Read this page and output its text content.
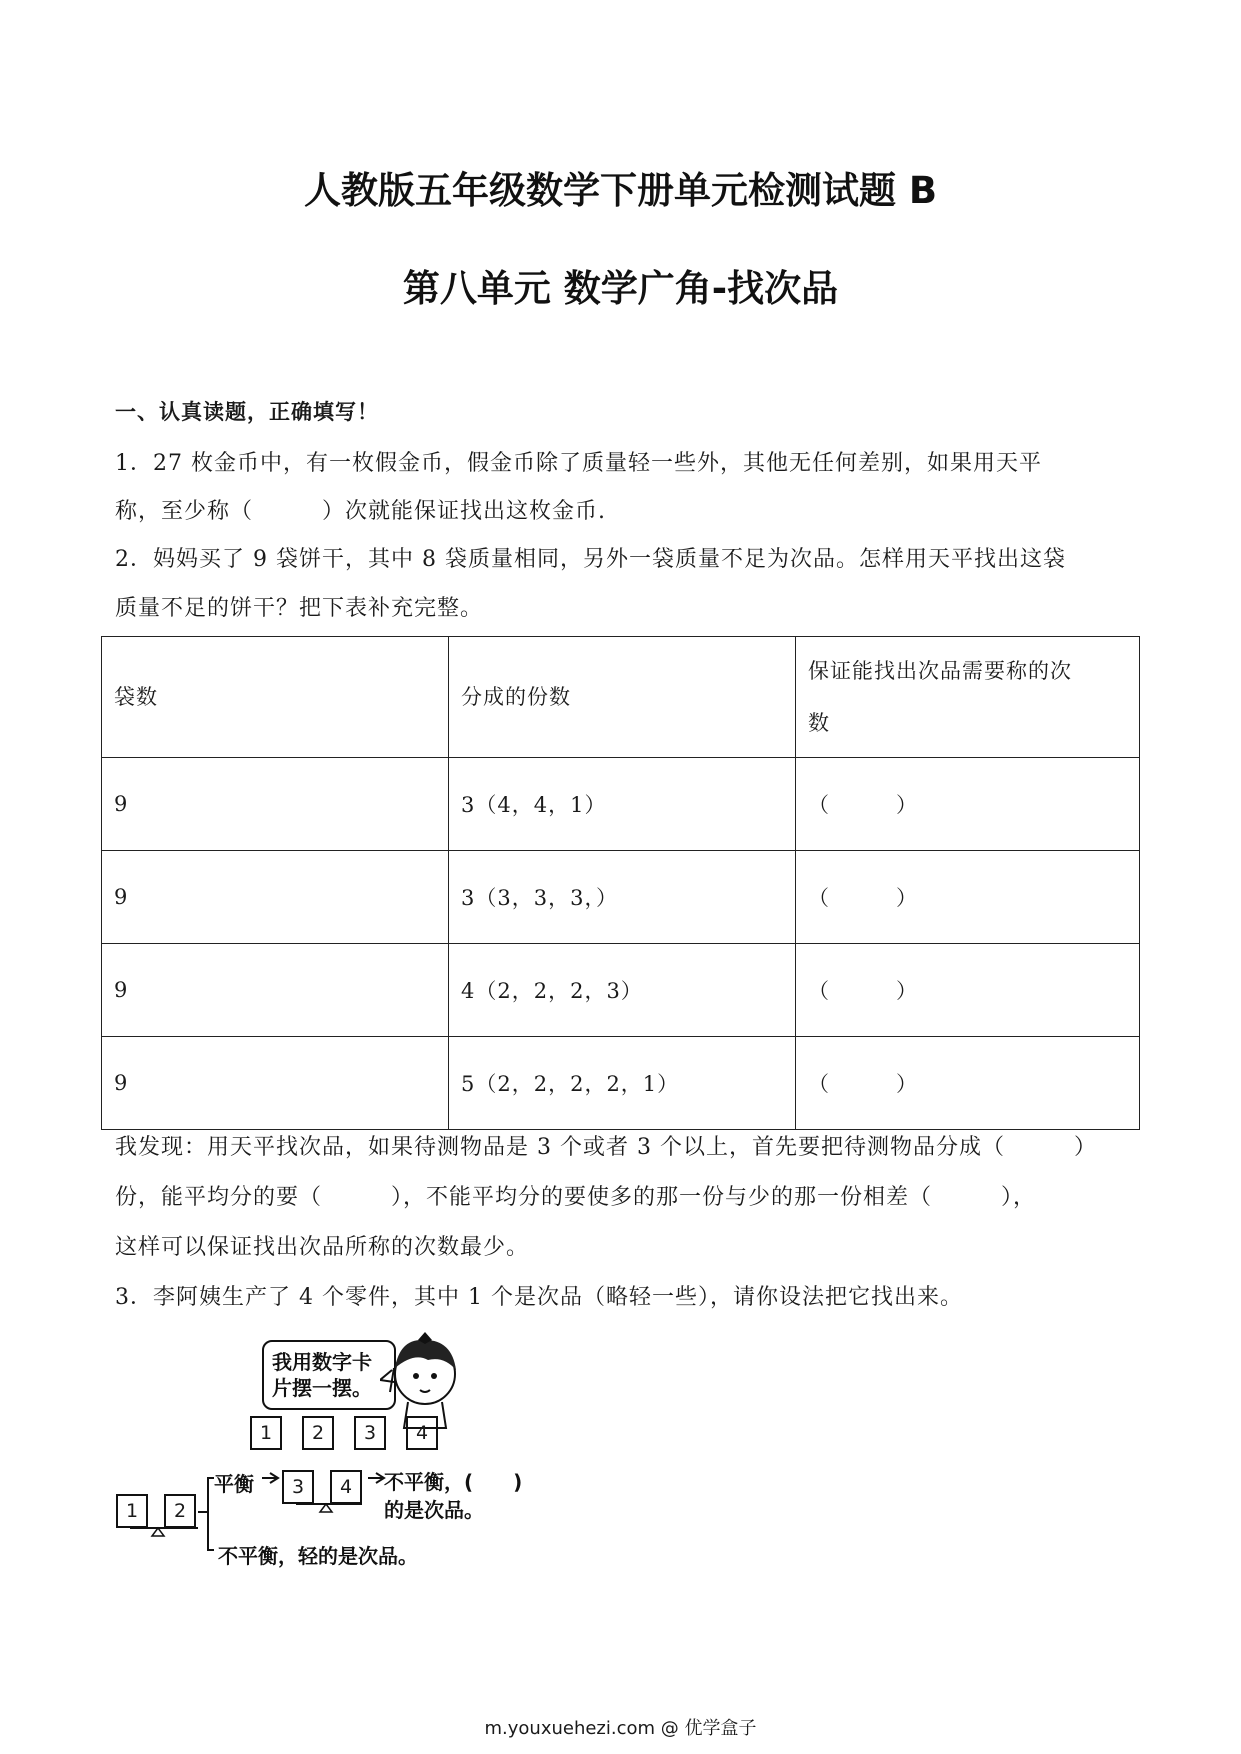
人教版五年级数学下册单元检测试题 B
第八单元 数学广角-找次品
一、认真读题，正确填写！
1．27 枚金币中，有一枚假金币，假金币除了质量轻一些外，其他无任何差别，如果用天平
称，至少称（　　　）次就能保证找出这枚金币.
2．妈妈买了 9 袋饼干，其中 8 袋质量相同，另外一袋质量不足为次品。怎样用天平找出这袋
质量不足的饼干？把下表补充完整。
袋数	分成的份数	保证能找出次品需要称的次
数
9	3（4，4，1）	（　　　）
9	3（3，3，3，）	（　　　）
9	4（2，2，2，3）	（　　　）
9	5（2，2，2，2，1）	（　　　）
我发现：用天平找次品，如果待测物品是 3 个或者 3 个以上，首先要把待测物品分成（　　　）
份，能平均分的要（　　　），不能平均分的要使多的那一份与少的那一份相差（　　　），
这样可以保证找出次品所称的次数最少。
3．李阿姨生产了 4 个零件，其中 1 个是次品（略轻一些），请你设法把它找出来。
我用数字卡
片摆一摆。
1	2	3	4
1	2
3	4
平衡	不平衡，(　　)
的是次品。
不平衡，轻的是次品。
m.youxuehezi.com @ 优学盒子
